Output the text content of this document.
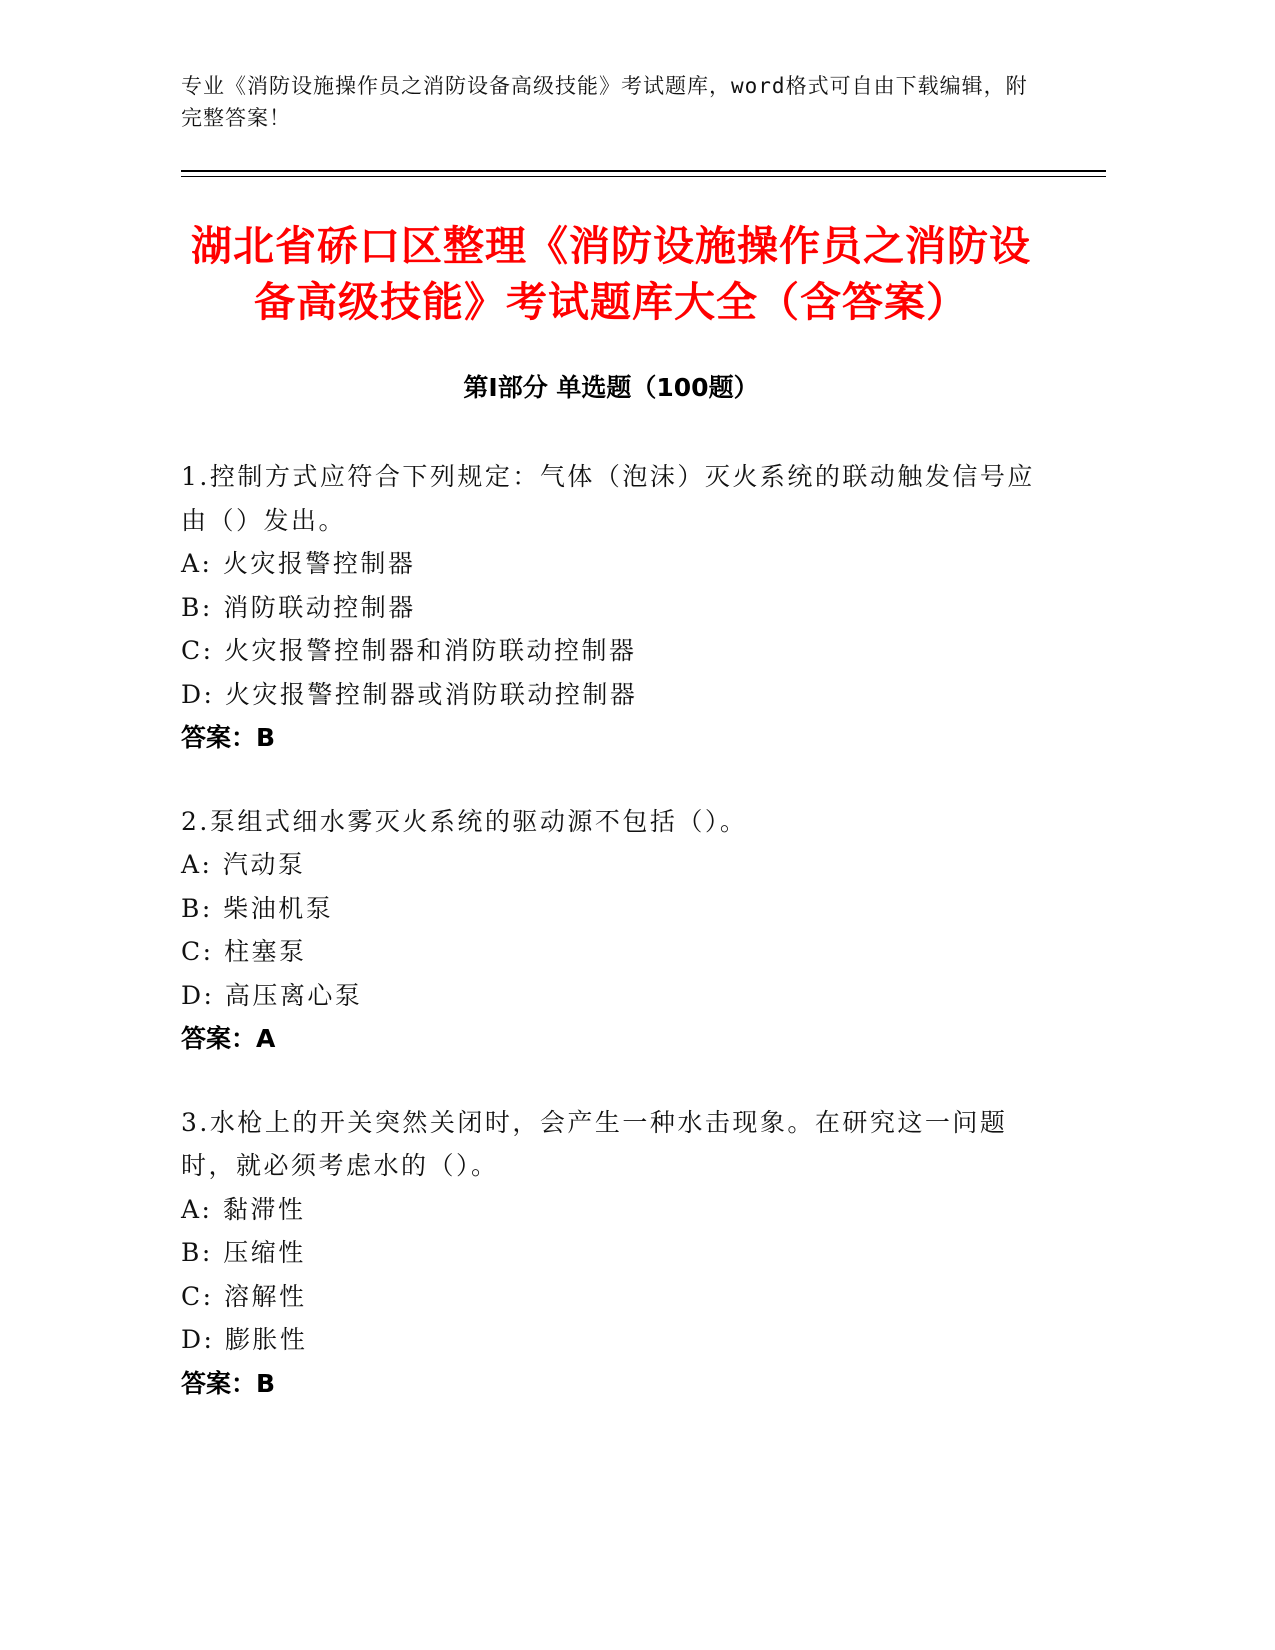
专业《消防设施操作员之消防设备高级技能》考试题库，word格式可自由下载编辑，附完整答案！
湖北省硚口区整理《消防设施操作员之消防设备高级技能》考试题库大全（含答案）
第I部分 单选题（100题）
1.控制方式应符合下列规定：气体（泡沫）灭火系统的联动触发信号应由（）发出。
A: 火灾报警控制器
B: 消防联动控制器
C: 火灾报警控制器和消防联动控制器
D: 火灾报警控制器或消防联动控制器
答案：B
2.泵组式细水雾灭火系统的驱动源不包括（）。
A: 汽动泵
B: 柴油机泵
C: 柱塞泵
D: 高压离心泵
答案：A
3.水枪上的开关突然关闭时，会产生一种水击现象。在研究这一问题时，就必须考虑水的（）。
A: 黏滞性
B: 压缩性
C: 溶解性
D: 膨胀性
答案：B
